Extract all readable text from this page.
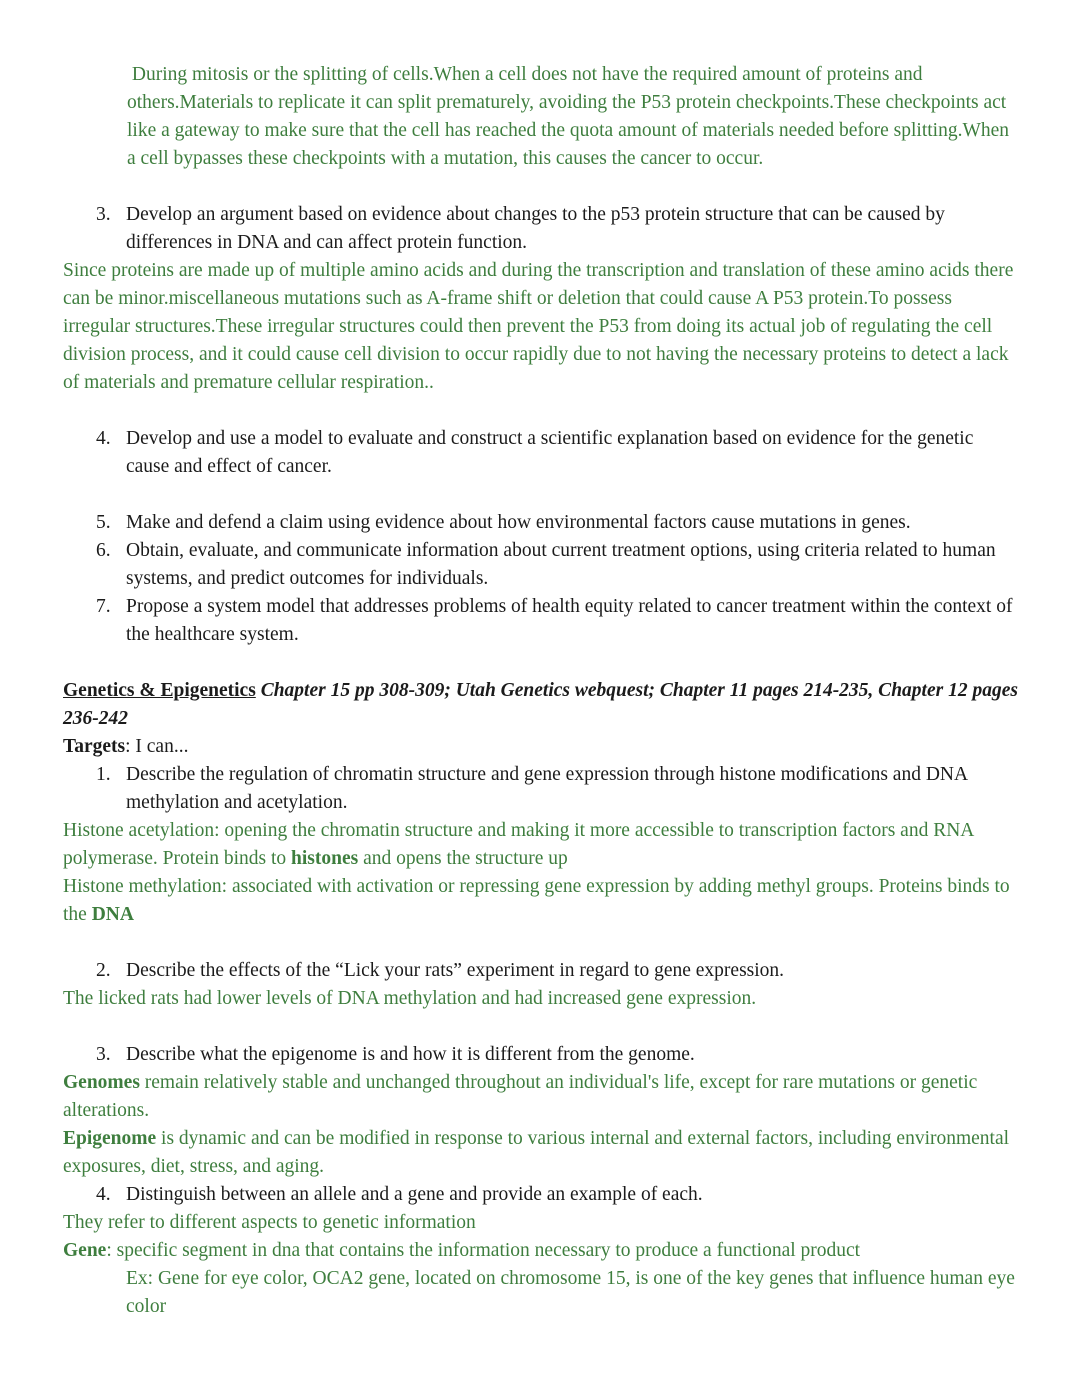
During mitosis or the splitting of cells.When a cell does not have the required amount of proteins and others.Materials to replicate it can split prematurely, avoiding the P53 protein checkpoints.These checkpoints act like a gateway to make sure that the cell has reached the quota amount of materials needed before splitting.When a cell bypasses these checkpoints with a mutation, this causes the cancer to occur.

3. Develop an argument based on evidence about changes to the p53 protein structure that can be caused by differences in DNA and can affect protein function.

Since proteins are made up of multiple amino acids and during the transcription and translation of these amino acids there can be minor.miscellaneous mutations such as A-frame shift or deletion that could cause A P53 protein.To possess irregular structures.These irregular structures could then prevent the P53 from doing its actual job of regulating the cell division process, and it could cause cell division to occur rapidly due to not having the necessary proteins to detect a lack of materials and premature cellular respiration..

4. Develop and use a model to evaluate and construct a scientific explanation based on evidence for the genetic cause and effect of cancer.
5. Make and defend a claim using evidence about how environmental factors cause mutations in genes.
6. Obtain, evaluate, and communicate information about current treatment options, using criteria related to human systems, and predict outcomes for individuals.
7. Propose a system model that addresses problems of health equity related to cancer treatment within the context of the healthcare system.

Genetics & Epigenetics Chapter 15 pp 308-309; Utah Genetics webquest; Chapter 11 pages 214-235, Chapter 12 pages 236-242

Targets: I can...

1. Describe the regulation of chromatin structure and gene expression through histone modifications and DNA methylation and acetylation.

Histone acetylation: opening the chromatin structure and making it more accessible to transcription factors and RNA polymerase. Protein binds to histones and opens the structure up

Histone methylation: associated with activation or repressing gene expression by adding methyl groups. Proteins binds to the DNA

2. Describe the effects of the “Lick your rats” experiment in regard to gene expression.

The licked rats had lower levels of DNA methylation and had increased gene expression.

3. Describe what the epigenome is and how it is different from the genome.

Genomes remain relatively stable and unchanged throughout an individual's life, except for rare mutations or genetic alterations.

Epigenome is dynamic and can be modified in response to various internal and external factors, including environmental exposures, diet, stress, and aging.

4. Distinguish between an allele and a gene and provide an example of each.

They refer to different aspects to genetic information

Gene: specific segment in dna that contains the information necessary to produce a functional product

Ex: Gene for eye color, OCA2 gene, located on chromosome 15, is one of the key genes that influence human eye color
